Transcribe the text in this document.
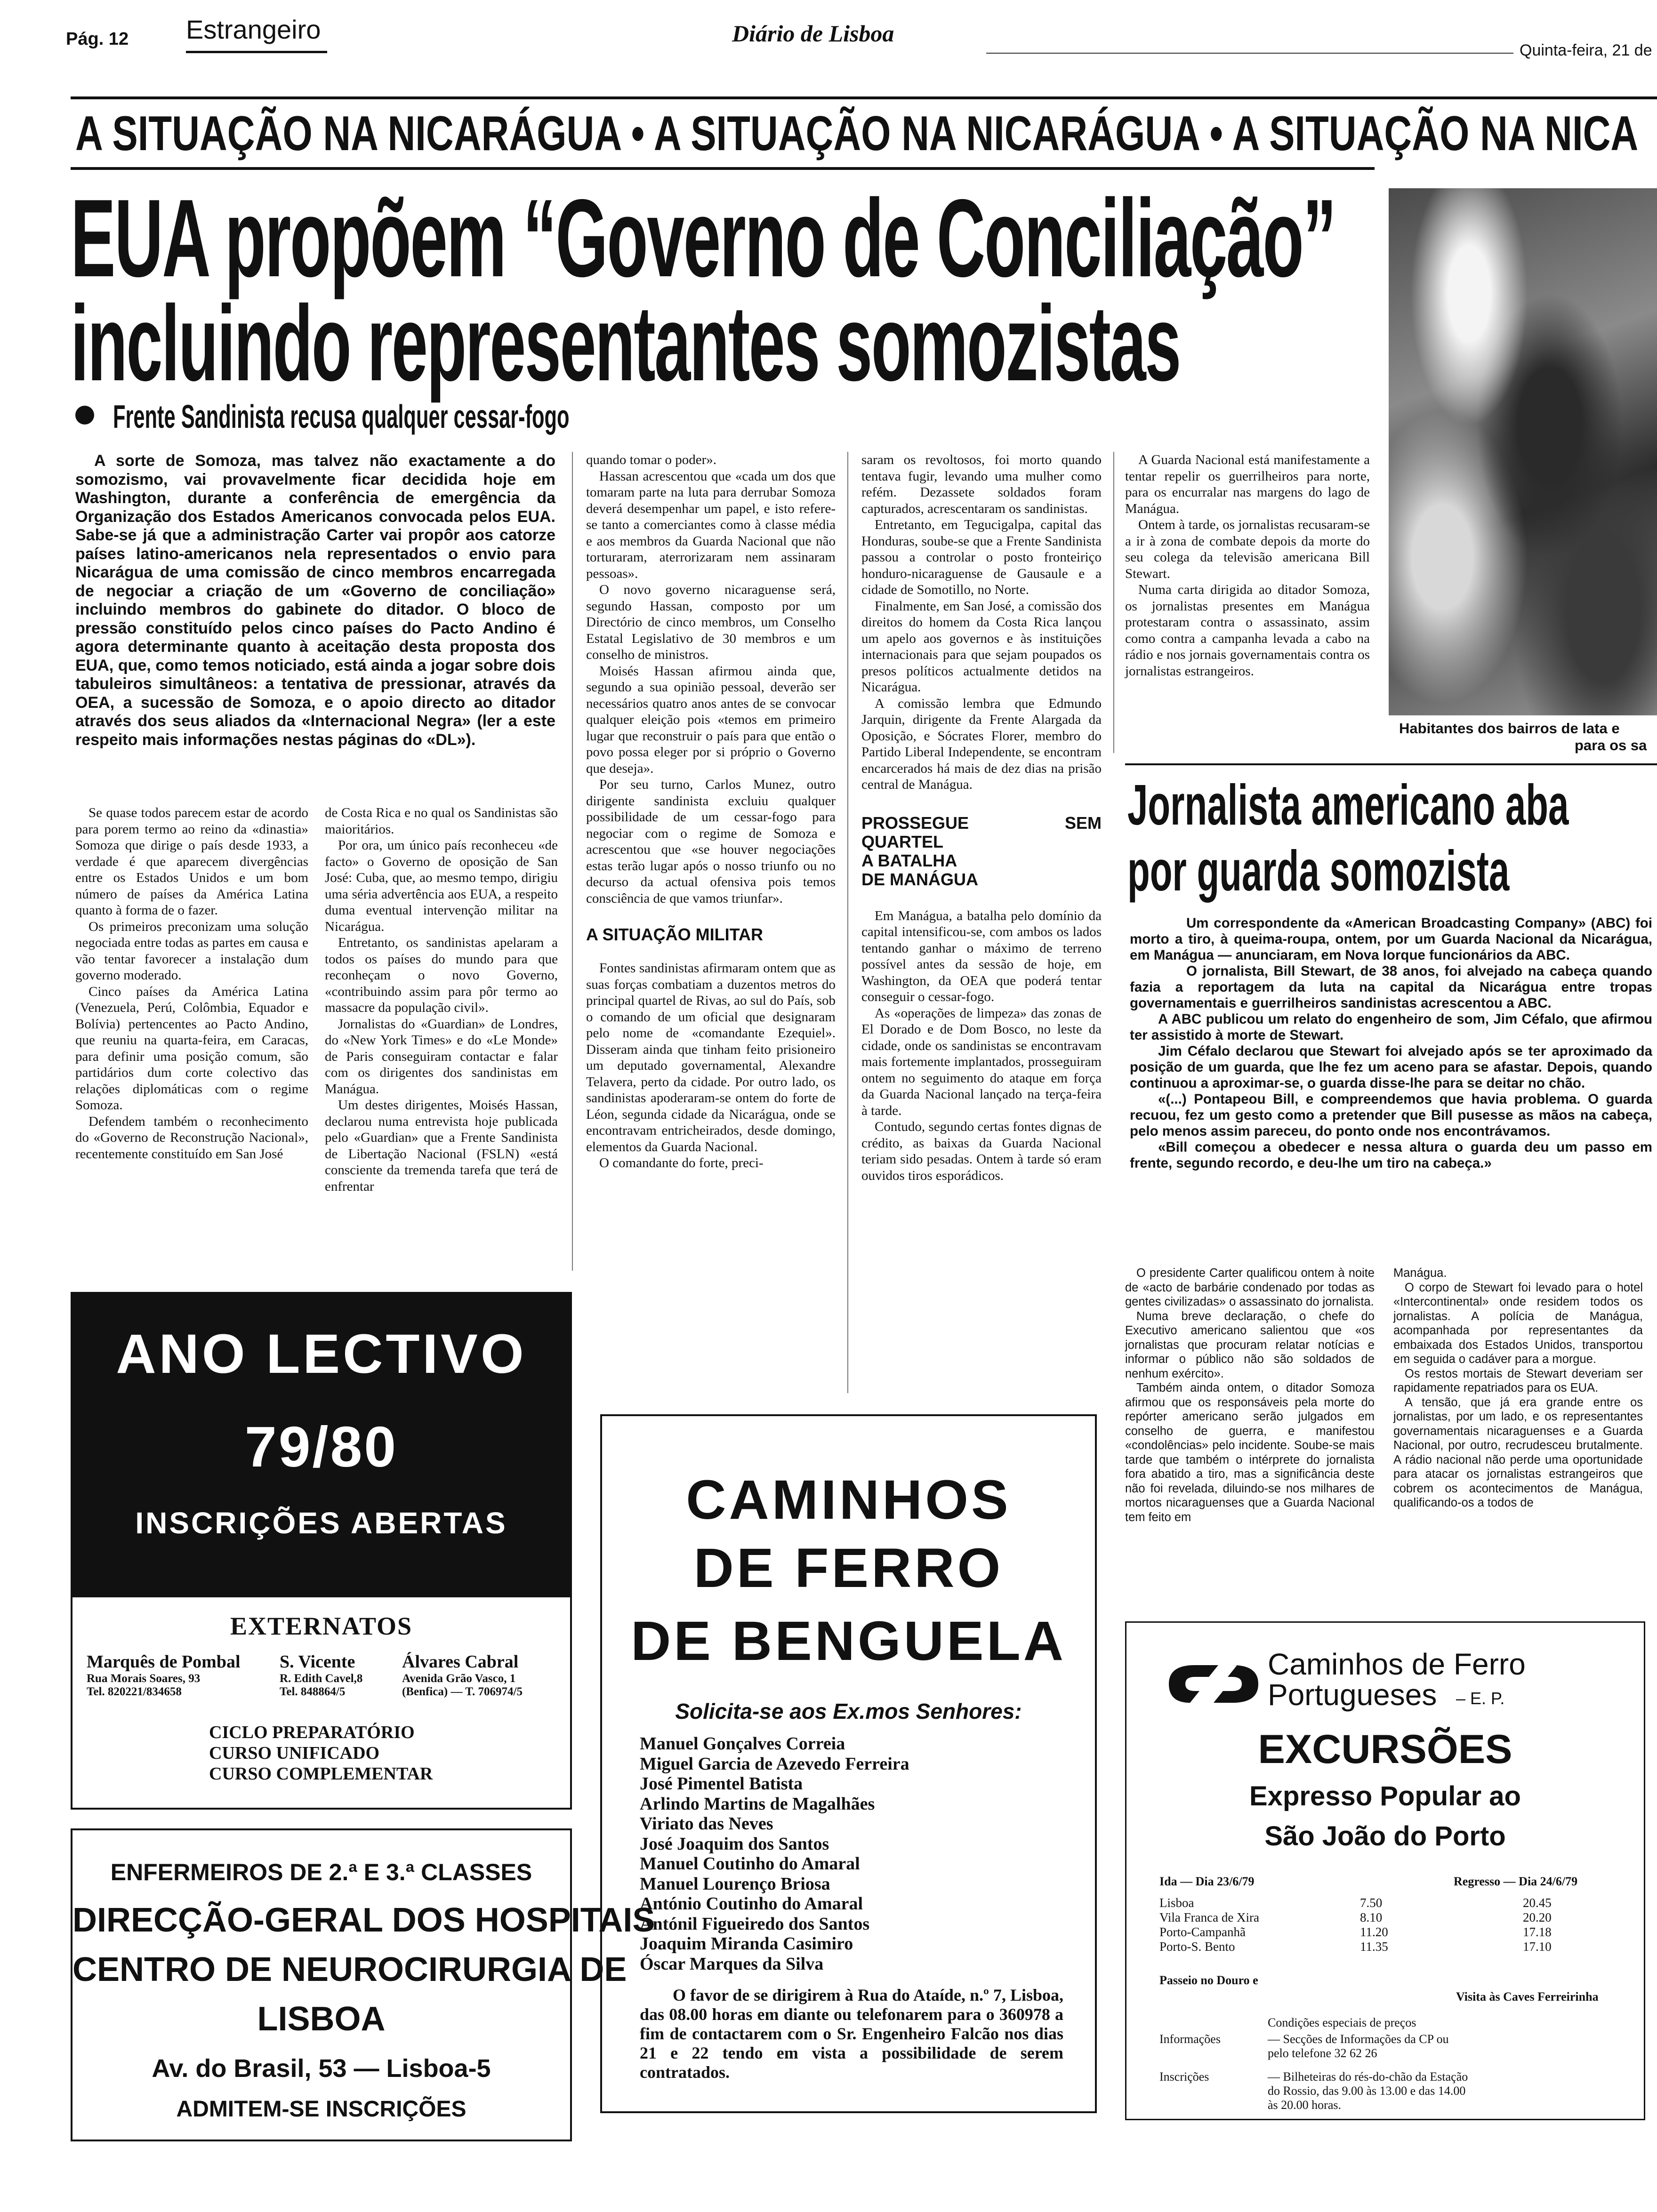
Pág. 12 Estrangeiro	Diário de Lisboa
Quinta-feira, 21 de
A SITUAÇÃO NA NICARÁGUA • A SITUAÇÃO NA NICARÁGUA • A SITUAÇÃO NA NICA
EUA propõem “Governo de Conciliação”
incluindo representantes somozistas
Frente Sandinista recusa qualquer cessar-fogo
Habitantes dos bairros de lata e
para os sa
A sorte de Somoza, mas talvez não exactamente a do somozismo, vai provavelmente ficar decidida hoje em Washington, durante a conferência de emergência da Organização dos Estados Americanos convocada pelos EUA. Sabe-se já que a administração Carter vai propôr aos catorze países latino-americanos nela representados o envio para Nicarágua de uma comissão de cinco membros encarregada de negociar a criação de um «Governo de conciliação» incluindo membros do gabinete do ditador. O bloco de pressão constituído pelos cinco países do Pacto Andino é agora determinante quanto à aceitação desta proposta dos EUA, que, como temos noticiado, está ainda a jogar sobre dois tabuleiros simultâneos: a tentativa de pressionar, através da OEA, a sucessão de Somoza, e o apoio directo ao ditador através dos seus aliados da «Internacional Negra» (ler a este respeito mais informações nestas páginas do «DL»).

Se quase todos parecem estar de acordo para porem termo ao reino da «dinastia» Somoza que dirige o país desde 1933, a verdade é que aparecem divergências entre os Estados Unidos e um bom número de países da América Latina quanto à forma de o fazer.

Os primeiros preconizam uma solução negociada entre todas as partes em causa e vão tentar favorecer a instalação dum governo moderado.

Cinco países da América Latina (Venezuela, Perú, Colômbia, Equador e Bolívia) pertencentes ao Pacto Andino, que reuniu na quarta-feira, em Caracas, para definir uma posição comum, são partidários dum corte colectivo das relações diplomáticas com o regime Somoza.

Defendem também o reconhecimento do «Governo de Reconstrução Nacional», recentemente constituído em San José

de Costa Rica e no qual os Sandinistas são maioritários.

Por ora, um único país reconheceu «de facto» o Governo de oposição de San José: Cuba, que, ao mesmo tempo, dirigiu uma séria advertência aos EUA, a respeito duma eventual intervenção militar na Nicarágua.

Entretanto, os sandinistas apelaram a todos os países do mundo para que reconheçam o novo Governo, «contribuindo assim para pôr termo ao massacre da população civil».

Jornalistas do «Guardian» de Londres, do «New York Times» e do «Le Monde» de Paris conseguiram contactar e falar com os dirigentes dos sandinistas em Manágua.

Um destes dirigentes, Moisés Hassan, declarou numa entrevista hoje publicada pelo «Guardian» que a Frente Sandinista de Libertação Nacional (FSLN) «está consciente da tremenda tarefa que terá de enfrentar

quando tomar o poder».

Hassan acrescentou que «cada um dos que tomaram parte na luta para derrubar Somoza deverá desempenhar um papel, e isto refere-se tanto a comerciantes como à classe média e aos membros da Guarda Nacional que não torturaram, aterrorizaram nem assinaram pessoas».

O novo governo nicaraguense será, segundo Hassan, composto por um Directório de cinco membros, um Conselho Estatal Legislativo de 30 membros e um conselho de ministros.

Moisés Hassan afirmou ainda que, segundo a sua opinião pessoal, deverão ser necessários quatro anos antes de se convocar qualquer eleição pois «temos em primeiro lugar que reconstruir o país para que então o povo possa eleger por si próprio o Governo que deseja».

Por seu turno, Carlos Munez, outro dirigente sandinista excluiu qualquer possibilidade de um cessar-fogo para negociar com o regime de Somoza e acrescentou que «se houver negociações estas terão lugar após o nosso triunfo ou no decurso da actual ofensiva pois temos consciência de que vamos triunfar».

A SITUAÇÃO MILITAR

Fontes sandinistas afirmaram ontem que as suas forças combatiam a duzentos metros do principal quartel de Rivas, ao sul do País, sob o comando de um oficial que designaram pelo nome de «comandante Ezequiel». Disseram ainda que tinham feito prisioneiro um deputado governamental, Alexandre Telavera, perto da cidade. Por outro lado, os sandinistas apoderaram-se ontem do forte de Léon, segunda cidade da Nicarágua, onde se encontravam entricheirados, desde domingo, elementos da Guarda Nacional.

O comandante do forte, preci-

saram os revoltosos, foi morto quando tentava fugir, levando uma mulher como refém. Dezassete soldados foram capturados, acrescentaram os sandinistas.

Entretanto, em Tegucigalpa, capital das Honduras, soube-se que a Frente Sandinista passou a controlar o posto fronteiriço honduro-nicaraguense de Gausaule e a cidade de Somotillo, no Norte.

Finalmente, em San José, a comissão dos direitos do homem da Costa Rica lançou um apelo aos governos e às instituições internacionais para que sejam poupados os presos políticos actualmente detidos na Nicarágua.

A comissão lembra que Edmundo Jarquin, dirigente da Frente Alargada da Oposição, e Sócrates Florer, membro do Partido Liberal Independente, se encontram encarcerados há mais de dez dias na prisão central de Manágua.

PROSSEGUE	SEM
QUARTEL
A BATALHA
DE MANÁGUA

Em Manágua, a batalha pelo domínio da capital intensificou-se, com ambos os lados tentando ganhar o máximo de terreno possível antes da sessão de hoje, em Washington, da OEA que poderá tentar conseguir o cessar-fogo.

As «operações de limpeza» das zonas de El Dorado e de Dom Bosco, no leste da cidade, onde os sandinistas se encontravam mais fortemente implantados, prosseguiram ontem no seguimento do ataque em força da Guarda Nacional lançado na terça-feira à tarde.

Contudo, segundo certas fontes dignas de crédito, as baixas da Guarda Nacional teriam sido pesadas. Ontem à tarde só eram ouvidos tiros esporádicos.

A Guarda Nacional está manifestamente a tentar repelir os guerrilheiros para norte, para os encurralar nas margens do lago de Manágua.

Ontem à tarde, os jornalistas recusaram-se a ir à zona de combate depois da morte do seu colega da televisão americana Bill Stewart.

Numa carta dirigida ao ditador Somoza, os jornalistas presentes em Manágua protestaram contra o assassinato, assim como contra a campanha levada a cabo na rádio e nos jornais governamentais contra os jornalistas estrangeiros.

Jornalista americano aba
por guarda somozista

Um correspondente da «American Broadcasting Company» (ABC) foi morto a tiro, à queima-roupa, ontem, por um Guarda Nacional da Nicarágua, em Manágua — anunciaram, em Nova Iorque funcionários da ABC.

O jornalista, Bill Stewart, de 38 anos, foi alvejado na cabeça quando fazia a reportagem da luta na capital da Nicarágua entre tropas governamentais e guerrilheiros sandinistas acrescentou a ABC.

A ABC publicou um relato do engenheiro de som, Jim Céfalo, que afirmou ter assistido à morte de Stewart.

Jim Céfalo declarou que Stewart foi alvejado após se ter aproximado da posição de um guarda, que lhe fez um aceno para se afastar. Depois, quando continuou a aproximar-se, o guarda disse-lhe para se deitar no chão.

«(...) Pontapeou Bill, e compreendemos que havia problema. O guarda recuou, fez um gesto como a pretender que Bill pusesse as mãos na cabeça, pelo menos assim pareceu, do ponto onde nos encontrávamos.

«Bill começou a obedecer e nessa altura o guarda deu um passo em frente, segundo recordo, e deu-lhe um tiro na cabeça.»

O presidente Carter qualificou ontem à noite de «acto de barbárie condenado por todas as gentes civilizadas» o assassinato do jornalista.

Numa breve declaração, o chefe do Executivo americano salientou que «os jornalistas que procuram relatar notícias e informar o público não são soldados de nenhum exército».

Também ainda ontem, o ditador Somoza afirmou que os responsáveis pela morte do repórter americano serão julgados em conselho de guerra, e manifestou «condolências» pelo incidente. Soube-se mais tarde que também o intérprete do jornalista fora abatido a tiro, mas a significância deste não foi revelada, diluindo-se nos milhares de mortos nicaraguenses que a Guarda Nacional tem feito em

Manágua.

O corpo de Stewart foi levado para o hotel «Intercontinental» onde residem todos os jornalistas. A polícia de Manágua, acompanhada por representantes da embaixada dos Estados Unidos, transportou em seguida o cadáver para a morgue.

Os restos mortais de Stewart deveriam ser rapidamente repatriados para os EUA.

A tensão, que já era grande entre os jornalistas, por um lado, e os representantes governamentais nicaraguenses e a Guarda Nacional, por outro, recrudesceu brutalmente. A rádio nacional não perde uma oportunidade para atacar os jornalistas estrangeiros que cobrem os acontecimentos de Manágua, qualificando-os a todos de

ANO LECTIVO
79/80
INSCRIÇÕES ABERTAS
EXTERNATOS
Marquês de Pombal
Rua Morais Soares, 93
Tel. 820221/834658
S. Vicente
R. Edith Cavel,8
Tel. 848864/5
Álvares Cabral
Avenida Grão Vasco, 1
(Benfica) — T. 706974/5
CICLO PREPARATÓRIO
CURSO UNIFICADO
CURSO COMPLEMENTAR
ENFERMEIROS DE 2.ª E 3.ª CLASSES
DIRECÇÃO-GERAL DOS HOSPITAIS
CENTRO DE NEUROCIRURGIA DE
LISBOA
Av. do Brasil, 53 — Lisboa-5
ADMITEM-SE INSCRIÇÕES
CAMINHOS
DE FERRO
DE BENGUELA
Solicita-se aos Ex.mos Senhores:
Manuel Gonçalves Correia
Miguel Garcia de Azevedo Ferreira
José Pimentel Batista
Arlindo Martins de Magalhães
Viriato das Neves
José Joaquim dos Santos
Manuel Coutinho do Amaral
Manuel Lourenço Briosa
António Coutinho do Amaral
Antónil Figueiredo dos Santos
Joaquim Miranda Casimiro
Óscar Marques da Silva
O favor de se dirigirem à Rua do Ataíde, n.º 7, Lisboa, das 08.00 horas em diante ou telefonarem para o 360978 a fim de contactarem com o Sr. Engenheiro Falcão nos dias 21 e 22 tendo em vista a possibilidade de serem contratados.
Caminhos de Ferro
Portugueses – E. P.
EXCURSÕES
Expresso Popular ao
São João do Porto
Ida — Dia 23/6/79	Regresso — Dia 24/6/79
Lisboa	7.50	20.45
Vila Franca de Xira	8.10	20.20
Porto-Campanhã	11.20	17.18
Porto-S. Bento	11.35	17.10
Passeio no Douro e
Visita às Caves Ferreirinha
Condições especiais de preços
Informações	— Secções de Informações da CP ou pelo telefone 32 62 26
Inscrições	— Bilheteiras do rés-do-chão da Estação do Rossio, das 9.00 às 13.00 e das 14.00 às 20.00 horas.
